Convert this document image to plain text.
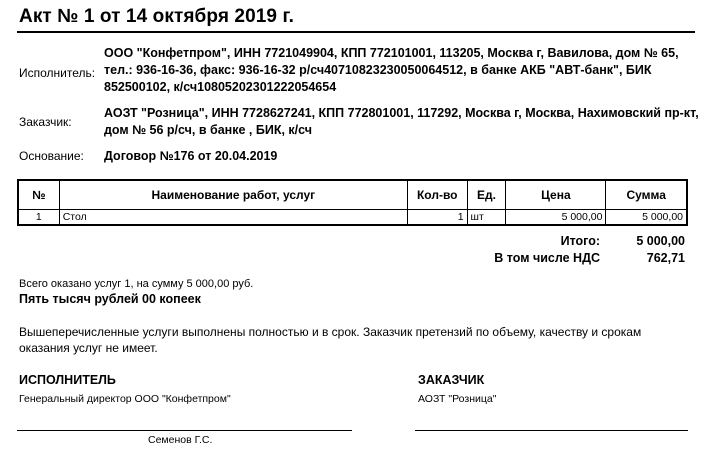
Акт № 1 от 14 октября 2019 г.
Исполнитель:
ООО "Конфетпром", ИНН 7721049904, КПП 772101001, 113205, Москва г, Вавилова, дом № 65, тел.: 936-16-36, факс: 936-16-32 р/сч40710823230050064512, в банке АКБ "АВТ-банк", БИК 852500102, к/сч10805202301222054654
Заказчик:
АОЗТ "Розница", ИНН 7728627241, КПП 772801001, 117292, Москва г, Москва, Нахимовский пр-кт, дом № 56 р/сч, в банке , БИК, к/сч
Основание: Договор №176 от 20.04.2019
№	Наименование работ, услуг	Кол-во	Ед.	Цена	Сумма
1	Стол	1	шт	5 000,00	5 000,00
Итого:	5 000,00
В том числе НДС	762,71
Всего оказано услуг 1, на сумму 5 000,00 руб.
Пять тысяч рублей 00 копеек
Вышеперечисленные услуги выполнены полностью и в срок. Заказчик претензий по объему, качеству и срокам оказания услуг не имеет.
ИСПОЛНИТЕЛЬ
Генеральный директор ООО "Конфетпром"
Семенов Г.С.
ЗАКАЗЧИК
АОЗТ "Розница"
